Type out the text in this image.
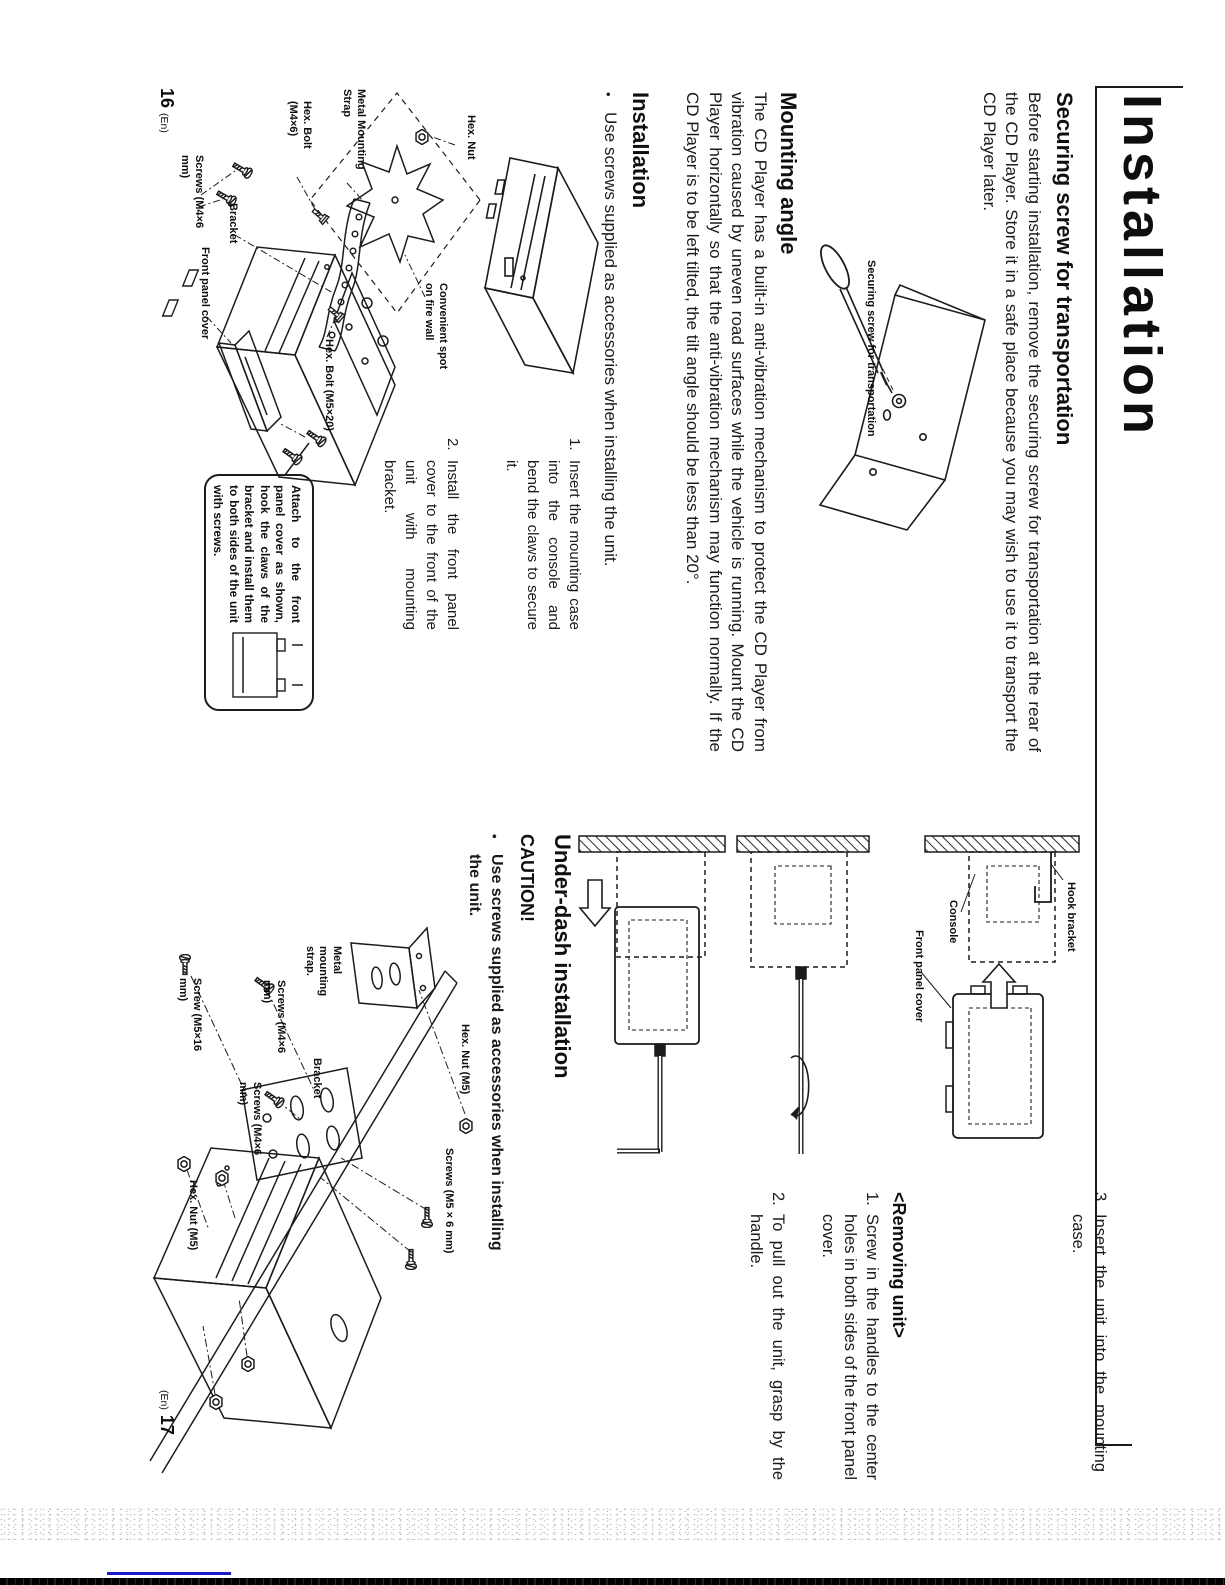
Installation
Securing screw for transportation
Before starting installation, remove the securing screw for transportation at the rear of the CD Player. Store it in a safe place because you may wish to use it to transport the CD Player later.
Securing screw for transportation
Mounting angle
The CD Player has a built-in anti-vibration mechanism to protect the CD Player from vibration caused by uneven road surfaces while the vehicle is running. Mount the CD Player horizontally so that the anti-vibration mechanism may function normally. If the CD Player is to be left tilted, the tilt angle should be less than 20°.
Installation
•
Use screws supplied as accessories when installing the unit.
1.
Insert the mounting case into the console and bend the claws to secure it.
2.
Install the front panel cover to the front of the unit with mounting bracket.
Hex. Nut
Convenient spot on fire wall
Metal Mounting Strap
Hex. Bolt (M4×6)
Hex. Bolt (M5×20)
Screws (M4×6 mm)
Bracket
Front panel cover
Attach to the front panel cover as shown, hook the claws of the bracket and install them to both sides of the unit with screws.
16 (En)
3.
Insert the unit into the mounting case.
Hook bracket
Console
Front panel cover
<Removing unit>
1.
Screw in the handles to the center holes in both sides of the front panel cover.
2.
To pull out the unit, grasp by the handle.
Under-dash installation
CAUTION!
•
Use screws supplied as accessories when installing the unit.
Hex. Nut (M5)
Screws (M5 × 6 mm)
Metal mounting strap.
Screws (M4×6 mm)
Bracket
Screws (M4×6 mm)
Screw (M5×16 mm)
Hex. Nut (M5)
(En) 17
